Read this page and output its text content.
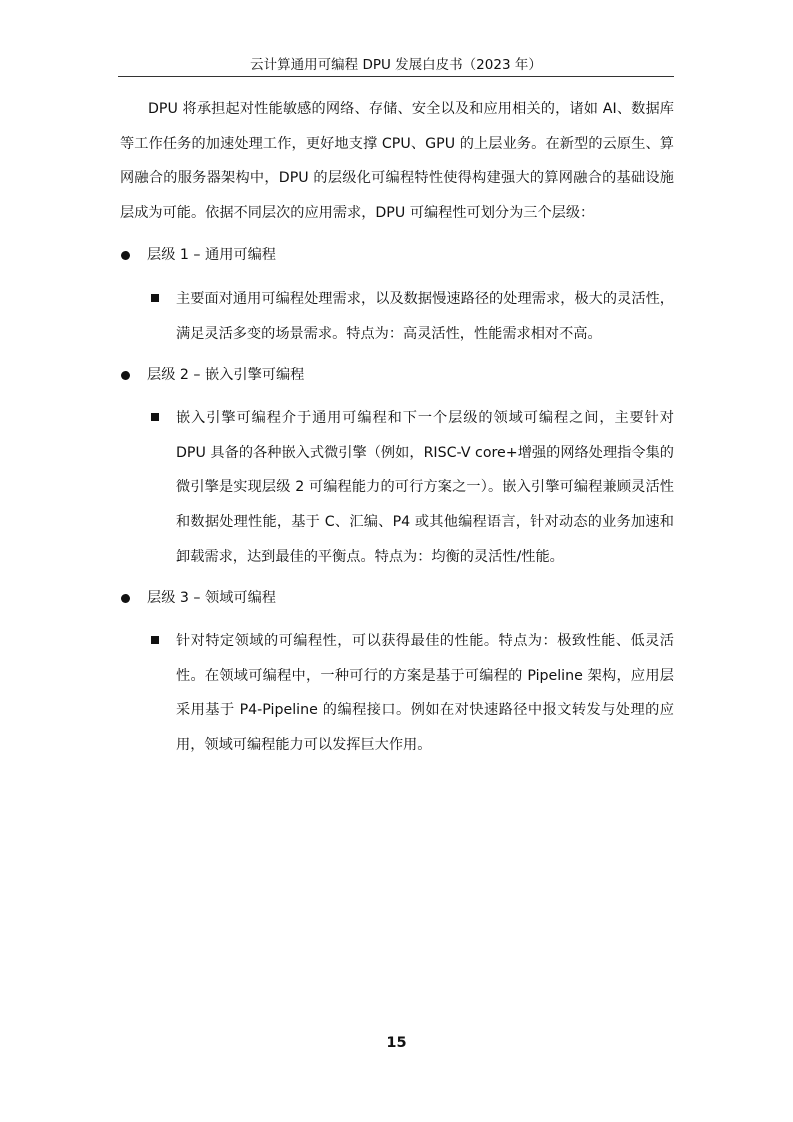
云计算通用可编程 DPU 发展白皮书（2023 年）

DPU 将承担起对性能敏感的网络、存储、安全以及和应用相关的，诸如 AI、数据库等工作任务的加速处理工作，更好地支撑 CPU、GPU 的上层业务。在新型的云原生、算网融合的服务器架构中，DPU 的层级化可编程特性使得构建强大的算网融合的基础设施层成为可能。依据不同层次的应用需求，DPU 可编程性可划分为三个层级：

层级 1 – 通用可编程

主要面对通用可编程处理需求，以及数据慢速路径的处理需求，极大的灵活性，满足灵活多变的场景需求。特点为：高灵活性，性能需求相对不高。

层级 2 – 嵌入引擎可编程

嵌入引擎可编程介于通用可编程和下一个层级的领域可编程之间，主要针对 DPU 具备的各种嵌入式微引擎（例如，RISC-V core+增强的网络处理指令集的微引擎是实现层级 2 可编程能力的可行方案之一）。嵌入引擎可编程兼顾灵活性和数据处理性能，基于 C、汇编、P4 或其他编程语言，针对动态的业务加速和卸载需求，达到最佳的平衡点。特点为：均衡的灵活性/性能。

层级 3 – 领域可编程

针对特定领域的可编程性，可以获得最佳的性能。特点为：极致性能、低灵活性。在领域可编程中，一种可行的方案是基于可编程的 Pipeline 架构，应用层采用基于 P4-Pipeline 的编程接口。例如在对快速路径中报文转发与处理的应用，领域可编程能力可以发挥巨大作用。

15
